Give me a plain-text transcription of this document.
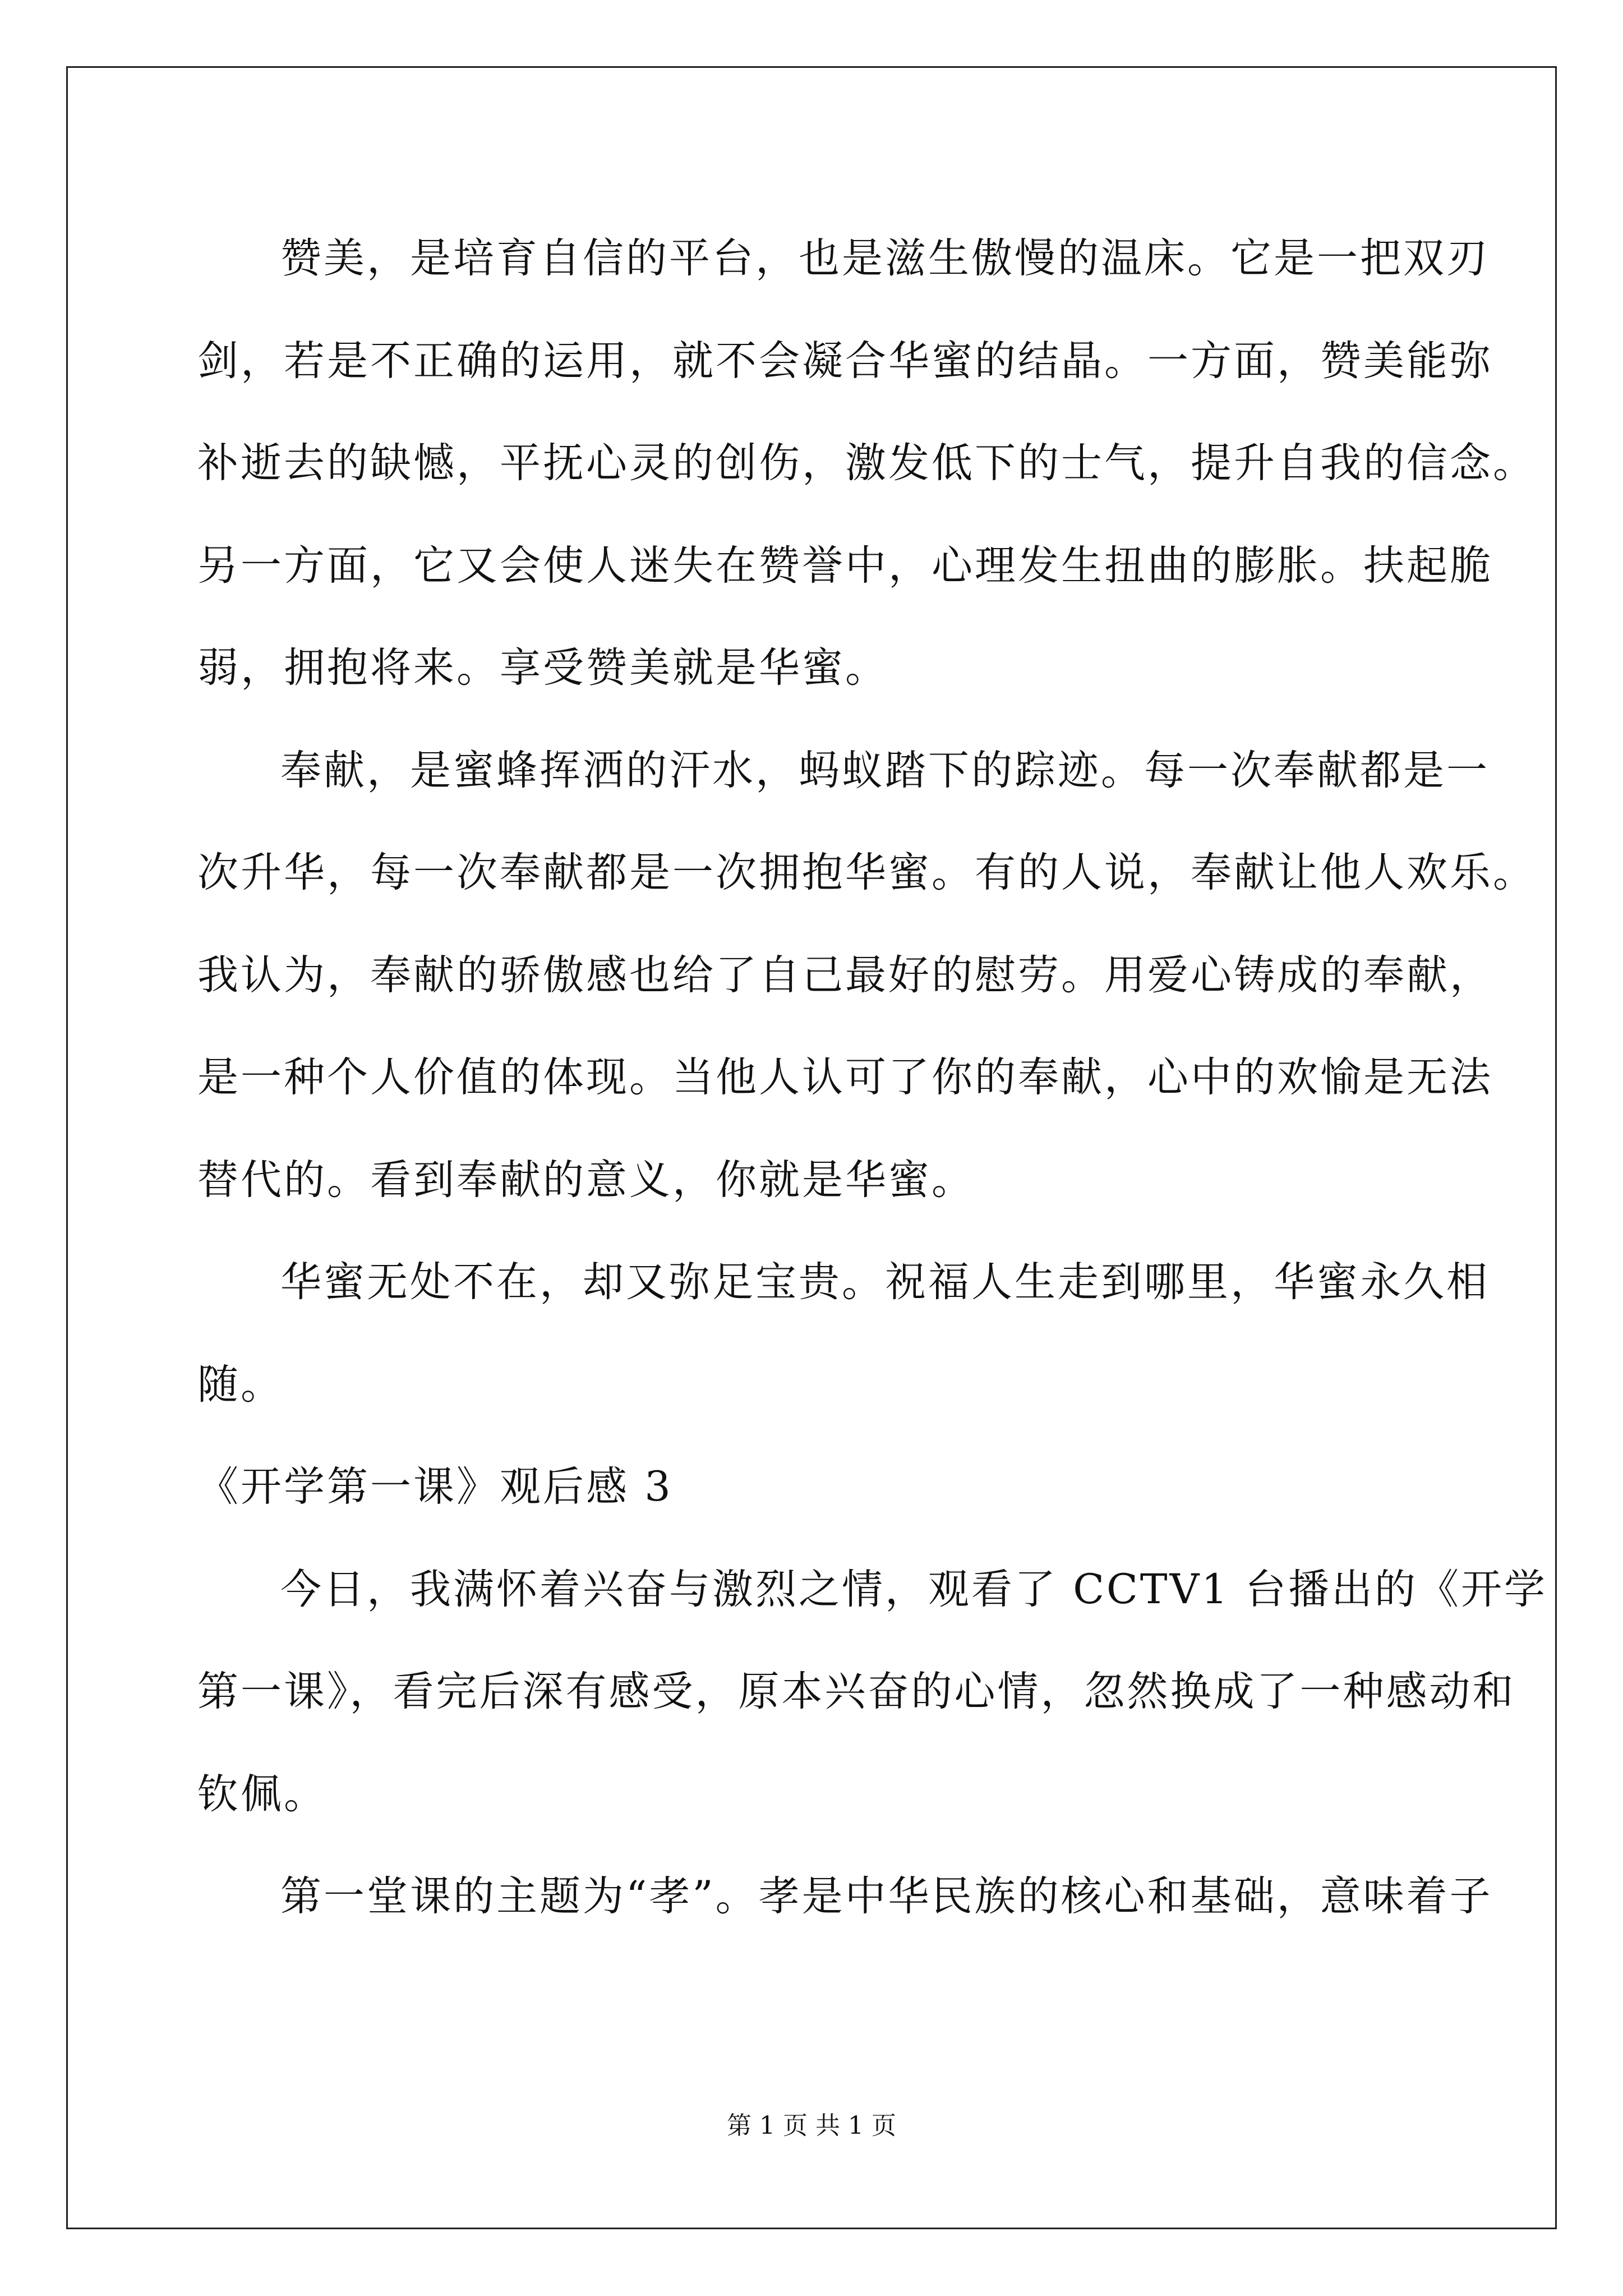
赞美，是培育自信的平台，也是滋生傲慢的温床。它是一把双刃
剑，若是不正确的运用，就不会凝合华蜜的结晶。一方面，赞美能弥
补逝去的缺憾，平抚心灵的创伤，激发低下的士气，提升自我的信念。
另一方面，它又会使人迷失在赞誉中，心理发生扭曲的膨胀。扶起脆
弱，拥抱将来。享受赞美就是华蜜。
奉献，是蜜蜂挥洒的汗水，蚂蚁踏下的踪迹。每一次奉献都是一
次升华，每一次奉献都是一次拥抱华蜜。有的人说，奉献让他人欢乐。
我认为，奉献的骄傲感也给了自己最好的慰劳。用爱心铸成的奉献，
是一种个人价值的体现。当他人认可了你的奉献，心中的欢愉是无法
替代的。看到奉献的意义，你就是华蜜。
华蜜无处不在，却又弥足宝贵。祝福人生走到哪里，华蜜永久相
随。
《开学第一课》观后感 3
今日，我满怀着兴奋与激烈之情，观看了 CCTV1 台播出的《开学
第一课》，看完后深有感受，原本兴奋的心情，忽然换成了一种感动和
钦佩。
第一堂课的主题为“孝”。孝是中华民族的核心和基础，意味着子
第 1 页 共 1 页
